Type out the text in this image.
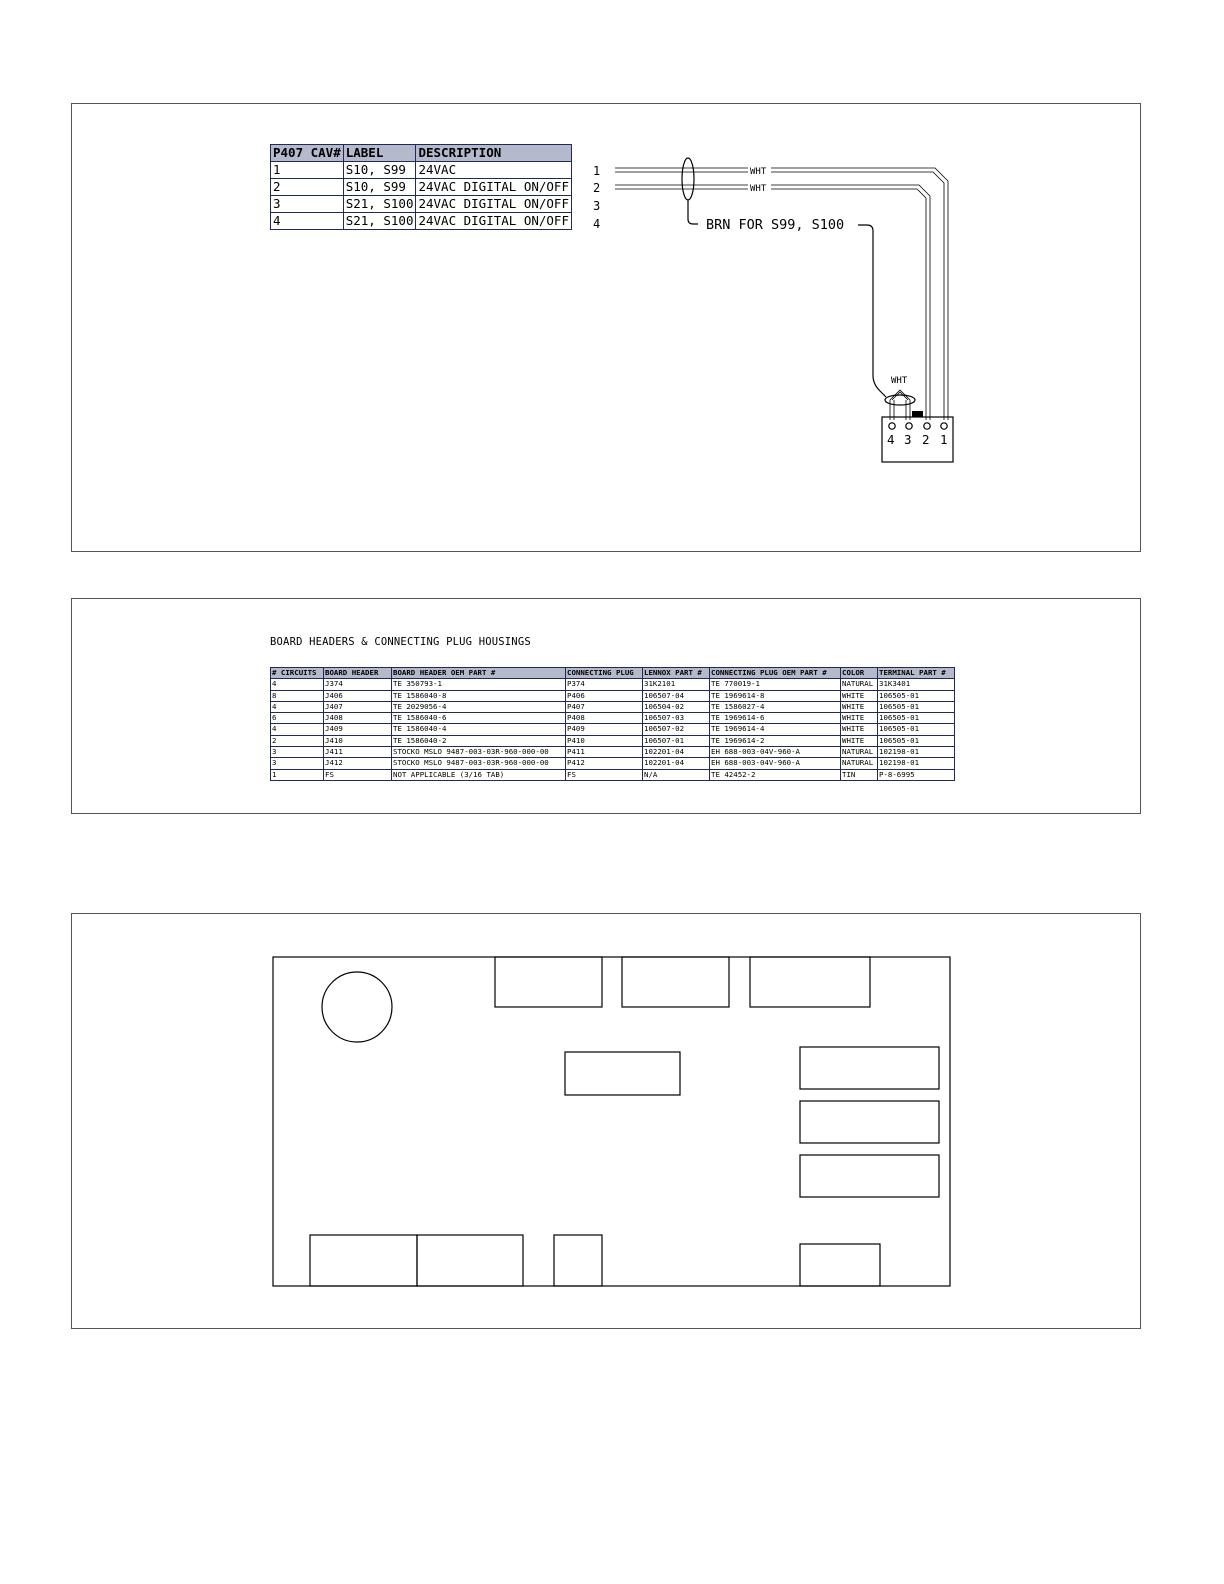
P407 CAV#	LABEL	DESCRIPTION
1	S10, S99	24VAC
2	S10, S99	24VAC DIGITAL ON/OFF
3	S21, S100	24VAC DIGITAL ON/OFF
4	S21, S100	24VAC DIGITAL ON/OFF
1
2
3
4
WHT
WHT
BRN FOR S99, S100
WHT
4 3 2 1
BOARD HEADERS & CONNECTING PLUG HOUSINGS
# CIRCUITS	BOARD HEADER	BOARD HEADER OEM PART #	CONNECTING PLUG	LENNOX PART #	CONNECTING PLUG OEM PART #	COLOR	TERMINAL PART #
4	J374	TE 350793-1	P374	31K2101	TE 770019-1	NATURAL	31K3401
8	J406	TE 1586040-8	P406	106507-04	TE 1969614-8	WHITE	106505-01
4	J407	TE 2029056-4	P407	106504-02	TE 1586027-4	WHITE	106505-01
6	J408	TE 1586040-6	P408	106507-03	TE 1969614-6	WHITE	106505-01
4	J409	TE 1586040-4	P409	106507-02	TE 1969614-4	WHITE	106505-01
2	J410	TE 1586040-2	P410	106507-01	TE 1969614-2	WHITE	106505-01
3	J411	STOCKO MSLO 9487-003-03R-960-000-00	P411	102201-04	EH 688-003-04V-960-A	NATURAL	102198-01
3	J412	STOCKO MSLO 9487-003-03R-960-000-00	P412	102201-04	EH 688-003-04V-960-A	NATURAL	102198-01
1	FS	NOT APPLICABLE (3/16 TAB)	FS	N/A	TE 42452-2	TIN	P-8-6995
